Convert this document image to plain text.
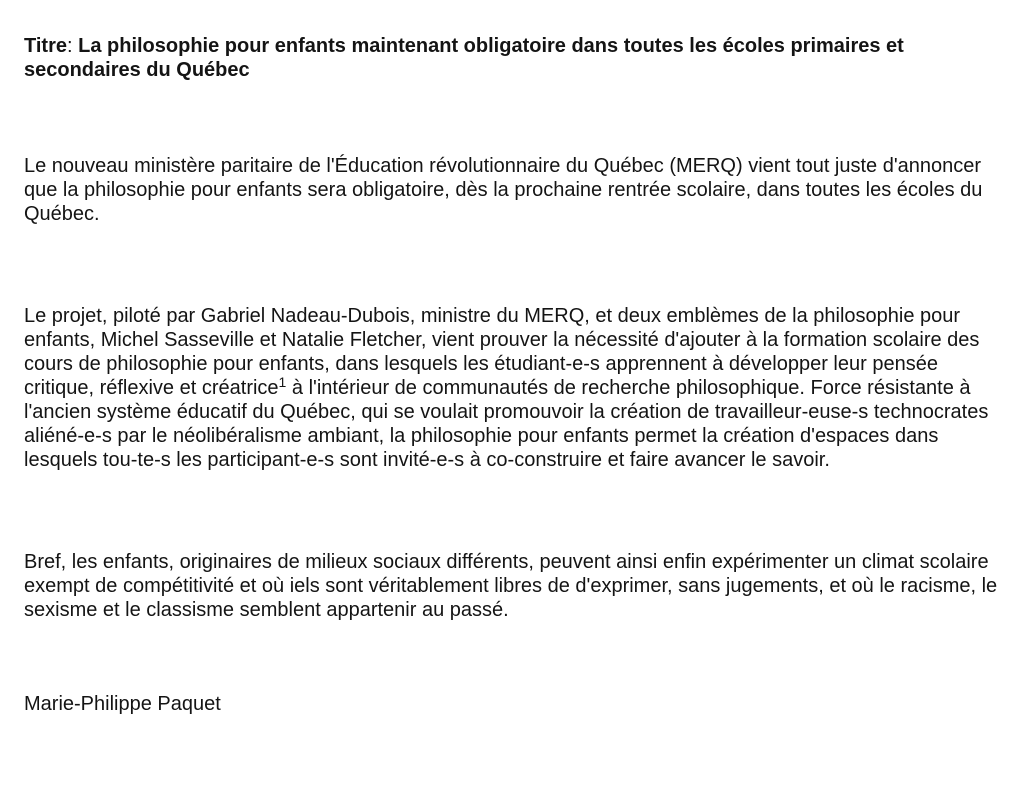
Titre: La philosophie pour enfants maintenant obligatoire dans toutes les écoles primaires et secondaires du Québec

Le nouveau ministère paritaire de l'Éducation révolutionnaire du Québec (MERQ) vient tout juste d'annoncer que la philosophie pour enfants sera obligatoire, dès la prochaine rentrée scolaire, dans toutes les écoles du Québec.

Le projet, piloté par Gabriel Nadeau-Dubois, ministre du MERQ, et deux emblèmes de la philosophie pour enfants, Michel Sasseville et Natalie Fletcher, vient prouver la nécessité d'ajouter à la formation scolaire des cours de philosophie pour enfants, dans lesquels les étudiant-e-s apprennent à développer leur pensée critique, réflexive et créatrice$^1$ à l'intérieur de communautés de recherche philosophique. Force résistante à l'ancien système éducatif du Québec, qui se voulait promouvoir la création de travailleur-euse-s technocrates aliéné-e-s par le néolibéralisme ambiant, la philosophie pour enfants permet la création d'espaces dans lesquels tou-te-s les participant-e-s sont invité-e-s à co-construire et faire avancer le savoir.

Bref, les enfants, originaires de milieux sociaux différents, peuvent ainsi enfin expérimenter un climat scolaire exempt de compétitivité et où iels sont véritablement libres de d'exprimer, sans jugements, et où le racisme, le sexisme et le classisme semblent appartenir au passé.

Marie-Philippe Paquet
